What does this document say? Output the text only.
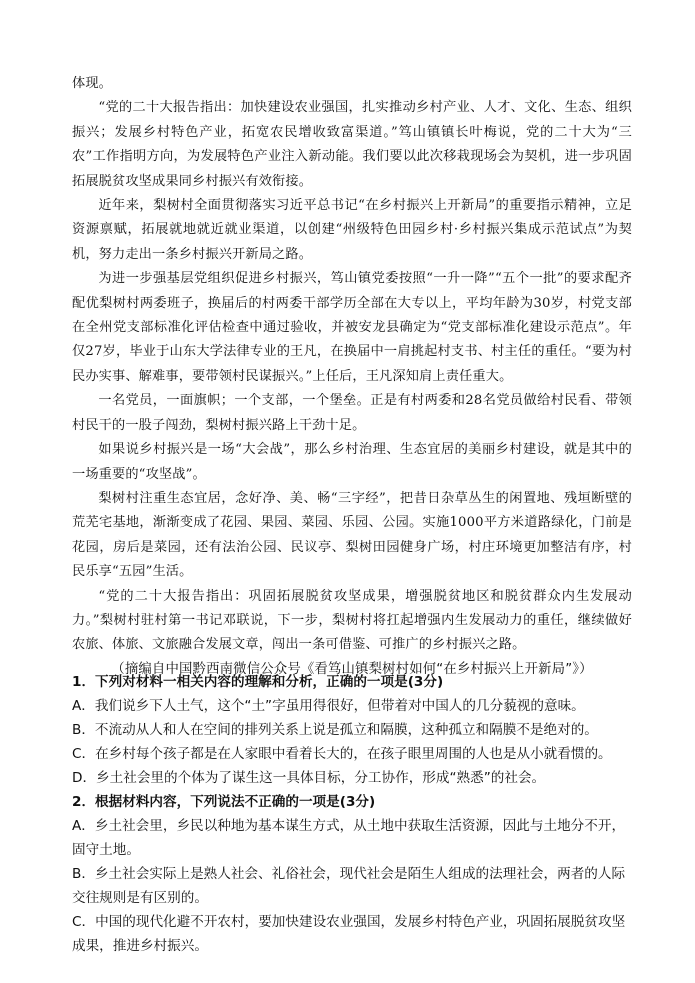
体现。

“党的二十大报告指出：加快建设农业强国，扎实推动乡村产业、人才、文化、生态、组织振兴；发展乡村特色产业，拓宽农民增收致富渠道。”笃山镇镇长叶梅说，党的二十大为“三农”工作指明方向，为发展特色产业注入新动能。我们要以此次移栽现场会为契机，进一步巩固拓展脱贫攻坚成果同乡村振兴有效衔接。

近年来，梨树村全面贯彻落实习近平总书记“在乡村振兴上开新局”的重要指示精神，立足资源禀赋，拓展就地就近就业渠道，以创建“州级特色田园乡村·乡村振兴集成示范试点”为契机，努力走出一条乡村振兴开新局之路。

为进一步强基层党组织促进乡村振兴，笃山镇党委按照“一升一降”“五个一批”的要求配齐配优梨树村两委班子，换届后的村两委干部学历全部在大专以上，平均年龄为30岁，村党支部在全州党支部标准化评估检查中通过验收，并被安龙县确定为“党支部标准化建设示范点”。年仅27岁，毕业于山东大学法律专业的王凡，在换届中一肩挑起村支书、村主任的重任。“要为村民办实事、解难事，要带领村民谋振兴。”上任后，王凡深知肩上责任重大。

一名党员，一面旗帜；一个支部，一个堡垒。正是有村两委和28名党员做给村民看、带领村民干的一股子闯劲，梨树村振兴路上干劲十足。

如果说乡村振兴是一场“大会战”，那么乡村治理、生态宜居的美丽乡村建设，就是其中的一场重要的“攻坚战”。

梨树村注重生态宜居，念好净、美、畅“三字经”，把昔日杂草丛生的闲置地、残垣断壁的荒芜宅基地，渐渐变成了花园、果园、菜园、乐园、公园。实施1000平方米道路绿化，门前是花园，房后是菜园，还有法治公园、民议亭、梨树田园健身广场，村庄环境更加整洁有序，村民乐享“五园”生活。

“党的二十大报告指出：巩固拓展脱贫攻坚成果，增强脱贫地区和脱贫群众内生发展动力。”梨树村驻村第一书记邓联说，下一步，梨树村将扛起增强内生发展动力的重任，继续做好农旅、体旅、文旅融合发展文章，闯出一条可借鉴、可推广的乡村振兴之路。

（摘编自中国黔西南微信公众号《看笃山镇梨树村如何“在乡村振兴上开新局”》）

1．下列对材料一相关内容的理解和分析，正确的一项是(3分)

A．我们说乡下人土气，这个“土”字虽用得很好，但带着对中国人的几分藐视的意味。

B．不流动从人和人在空间的排列关系上说是孤立和隔膜，这种孤立和隔膜不是绝对的。

C．在乡村每个孩子都是在人家眼中看着长大的，在孩子眼里周围的人也是从小就看惯的。

D．乡土社会里的个体为了谋生这一具体目标，分工协作，形成“熟悉”的社会。

2．根据材料内容，下列说法不正确的一项是(3分)

A．乡土社会里，乡民以种地为基本谋生方式，从土地中获取生活资源，因此与土地分不开，固守土地。

B．乡土社会实际上是熟人社会、礼俗社会，现代社会是陌生人组成的法理社会，两者的人际交往规则是有区别的。

C．中国的现代化避不开农村，要加快建设农业强国，发展乡村特色产业，巩固拓展脱贫攻坚成果，推进乡村振兴。
